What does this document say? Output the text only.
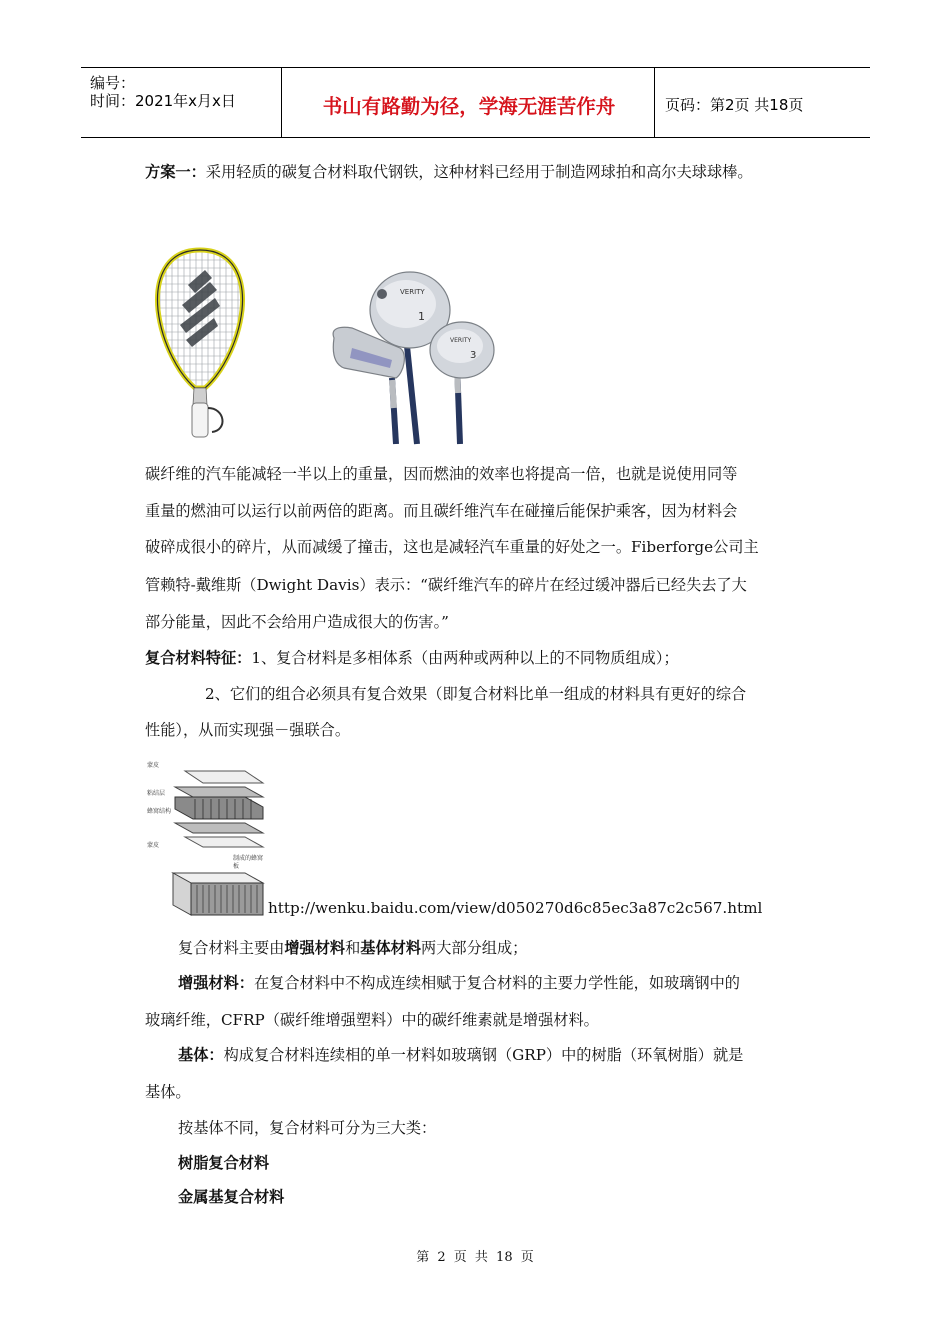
编号：
时间：2021年x月x日	书山有路勤为径，学海无涯苦作舟	页码：第2页 共18页
方案一：采用轻质的碳复合材料取代钢铁，这种材料已经用于制造网球拍和高尔夫球球棒。
VERITY
1
VERITY
3
碳纤维的汽车能减轻一半以上的重量，因而燃油的效率也将提高一倍，也就是说使用同等
重量的燃油可以运行以前两倍的距离。而且碳纤维汽车在碰撞后能保护乘客，因为材料会
破碎成很小的碎片，从而减缓了撞击，这也是减轻汽车重量的好处之一。Fiberforge公司主
管赖特-戴维斯（Dwight Davis）表示：“碳纤维汽车的碎片在经过缓冲器后已经失去了大
部分能量，因此不会给用户造成很大的伤害。”
复合材料特征：1、复合材料是多相体系（由两种或两种以上的不同物质组成）；
2、它们的组合必须具有复合效果（即复合材料比单一组成的材料具有更好的综合
性能），从而实现强－强联合。
蒙皮
粘结层
蜂窝结构
蒙皮
制成的蜂窝
板
http://wenku.baidu.com/view/d050270d6c85ec3a87c2c567.html
复合材料主要由增强材料和基体材料两大部分组成；
增强材料：在复合材料中不构成连续相赋于复合材料的主要力学性能，如玻璃钢中的
玻璃纤维，CFRP（碳纤维增强塑料）中的碳纤维素就是增强材料。
基体：构成复合材料连续相的单一材料如玻璃钢（GRP）中的树脂（环氧树脂）就是
基体。
按基体不同，复合材料可分为三大类：
树脂复合材料
金属基复合材料
第 2 页 共 18 页
